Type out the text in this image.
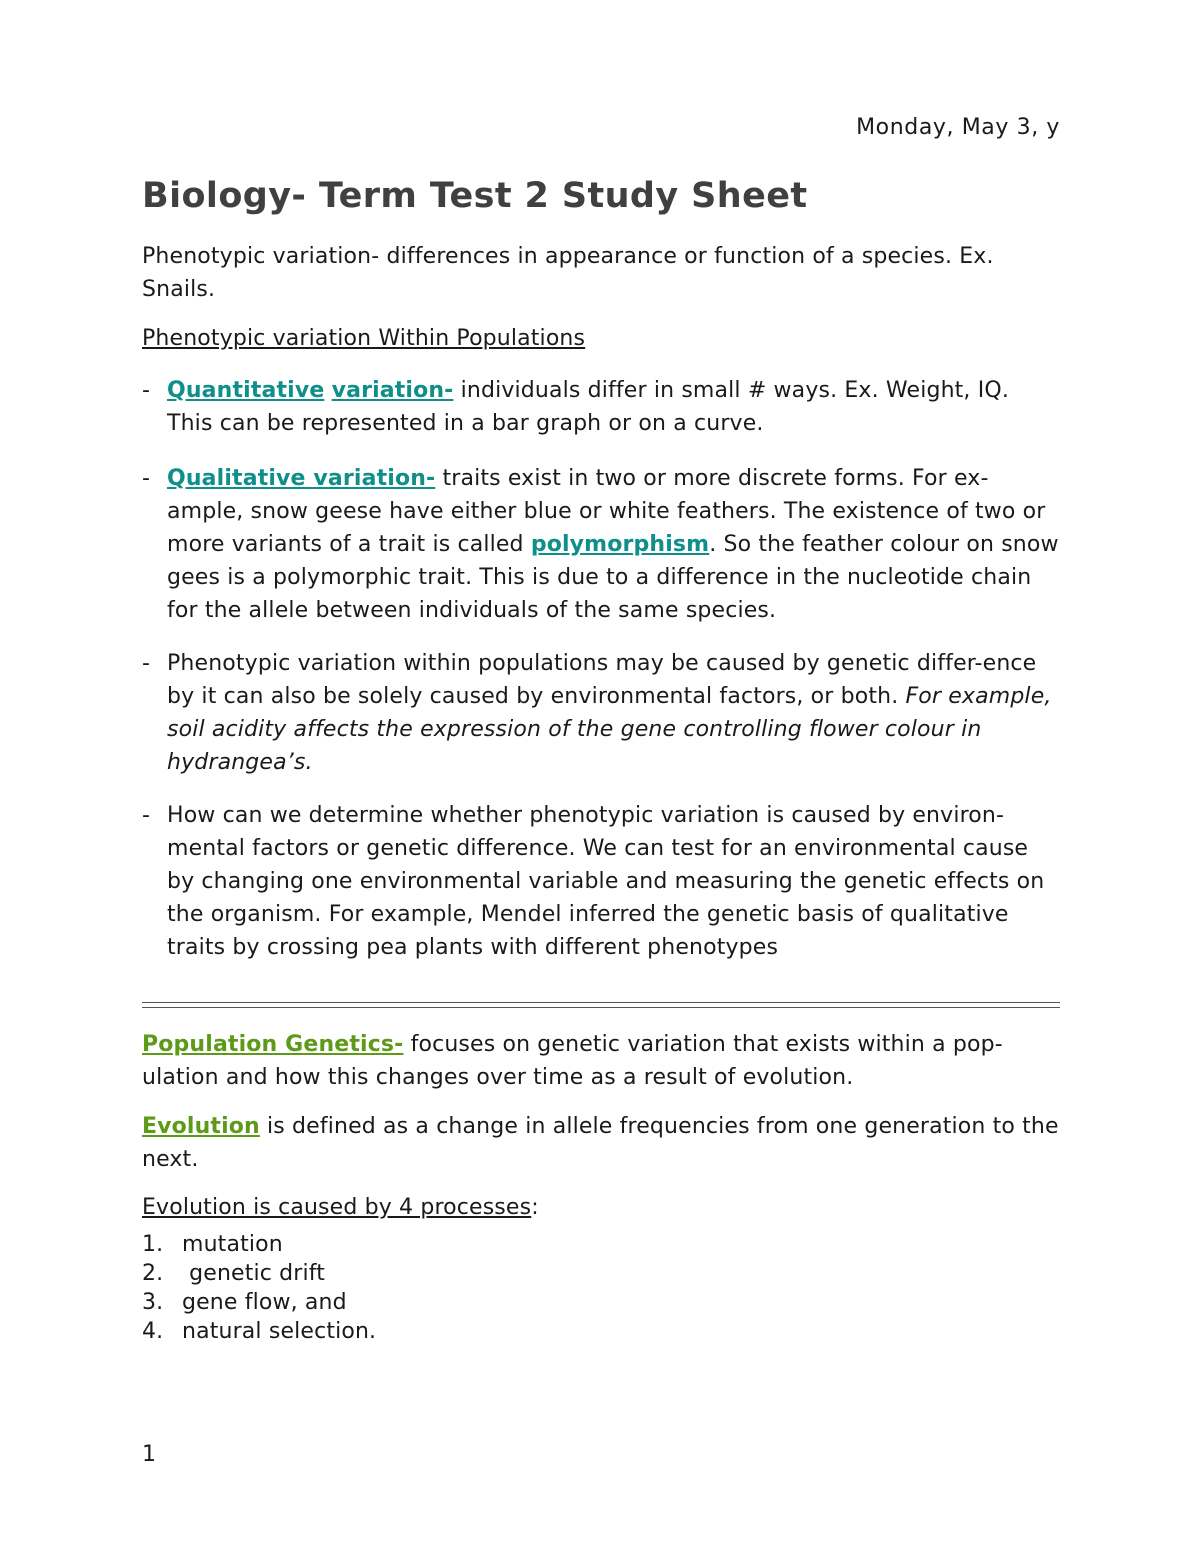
Monday, May 3, y
Biology- Term Test 2 Study Sheet

Phenotypic variation- differences in appearance or function of a species. Ex. Snails.

Phenotypic variation Within Populations

- Quantitative variation- individuals differ in small # ways. Ex. Weight, IQ. This can be represented in a bar graph or on a curve.
- Qualitative variation- traits exist in two or more discrete forms. For ex-ample, snow geese have either blue or white feathers. The existence of two or more variants of a trait is called polymorphism. So the feather colour on snow gees is a polymorphic trait. This is due to a difference in the nucleotide chain for the allele between individuals of the same species.
- Phenotypic variation within populations may be caused by genetic differ-ence by it can also be solely caused by environmental factors, or both. For example, soil acidity affects the expression of the gene controlling flower colour in hydrangea’s.
- How can we determine whether phenotypic variation is caused by environ-mental factors or genetic difference. We can test for an environmental cause by changing one environmental variable and measuring the genetic effects on the organism. For example, Mendel inferred the genetic basis of qualitative traits by crossing pea plants with different phenotypes

Population Genetics- focuses on genetic variation that exists within a pop-ulation and how this changes over time as a result of evolution.

Evolution is defined as a change in allele frequencies from one generation to the next.

Evolution is caused by 4 processes:

1. mutation
2. genetic drift
3. gene flow, and
4. natural selection.
1
